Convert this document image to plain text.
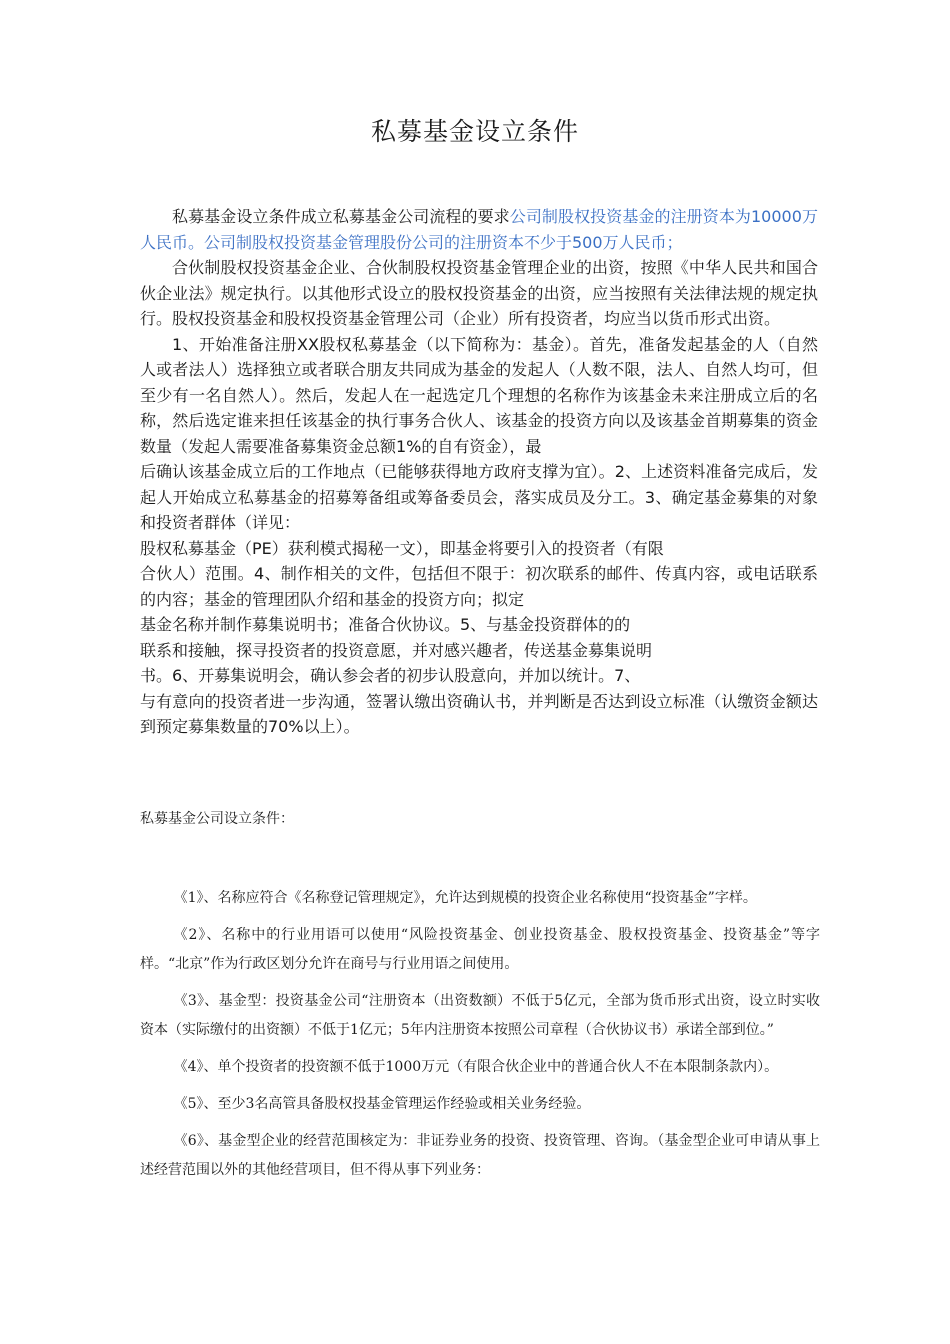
私募基金设立条件

私募基金设立条件成立私募基金公司流程的要求公司制股权投资基金的注册资本为10000万人民币。公司制股权投资基金管理股份公司的注册资本不少于500万人民币；

合伙制股权投资基金企业、合伙制股权投资基金管理企业的出资，按照《中华人民共和国合伙企业法》规定执行。以其他形式设立的股权投资基金的出资，应当按照有关法律法规的规定执行。股权投资基金和股权投资基金管理公司（企业）所有投资者，均应当以货币形式出资。

1、开始准备注册XX股权私募基金（以下简称为：基金）。首先，准备发起基金的人（自然人或者法人）选择独立或者联合朋友共同成为基金的发起人（人数不限，法人、自然人均可，但至少有一名自然人）。然后，发起人在一起选定几个理想的名称作为该基金未来注册成立后的名称，然后选定谁来担任该基金的执行事务合伙人、该基金的投资方向以及该基金首期募集的资金数量（发起人需要准备募集资金总额1%的自有资金），最

后确认该基金成立后的工作地点（已能够获得地方政府支撑为宜）。2、上述资料准备完成后，发起人开始成立私募基金的招募筹备组或筹备委员会，落实成员及分工。3、确定基金募集的对象和投资者群体（详见：

股权私募基金（PE）获利模式揭秘一文），即基金将要引入的投资者（有限

合伙人）范围。4、制作相关的文件，包括但不限于：初次联系的邮件、传真内容，或电话联系的内容；基金的管理团队介绍和基金的投资方向；拟定

基金名称并制作募集说明书；准备合伙协议。5、与基金投资群体的的

联系和接触，探寻投资者的投资意愿，并对感兴趣者，传送基金募集说明

书。6、开募集说明会，确认参会者的初步认股意向，并加以统计。7、

与有意向的投资者进一步沟通，签署认缴出资确认书，并判断是否达到设立标准（认缴资金额达到预定募集数量的70%以上）。

私募基金公司设立条件：

《1》、名称应符合《名称登记管理规定》，允许达到规模的投资企业名称使用“投资基金”字样。

《2》、名称中的行业用语可以使用“风险投资基金、创业投资基金、股权投资基金、投资基金”等字样。“北京”作为行政区划分允许在商号与行业用语之间使用。

《3》、基金型：投资基金公司“注册资本（出资数额）不低于5亿元，全部为货币形式出资，设立时实收资本（实际缴付的出资额）不低于1亿元；5年内注册资本按照公司章程（合伙协议书）承诺全部到位。”

《4》、单个投资者的投资额不低于1000万元（有限合伙企业中的普通合伙人不在本限制条款内）。

《5》、至少3名高管具备股权投基金管理运作经验或相关业务经验。

《6》、基金型企业的经营范围核定为：非证券业务的投资、投资管理、咨询。（基金型企业可申请从事上述经营范围以外的其他经营项目，但不得从事下列业务：
